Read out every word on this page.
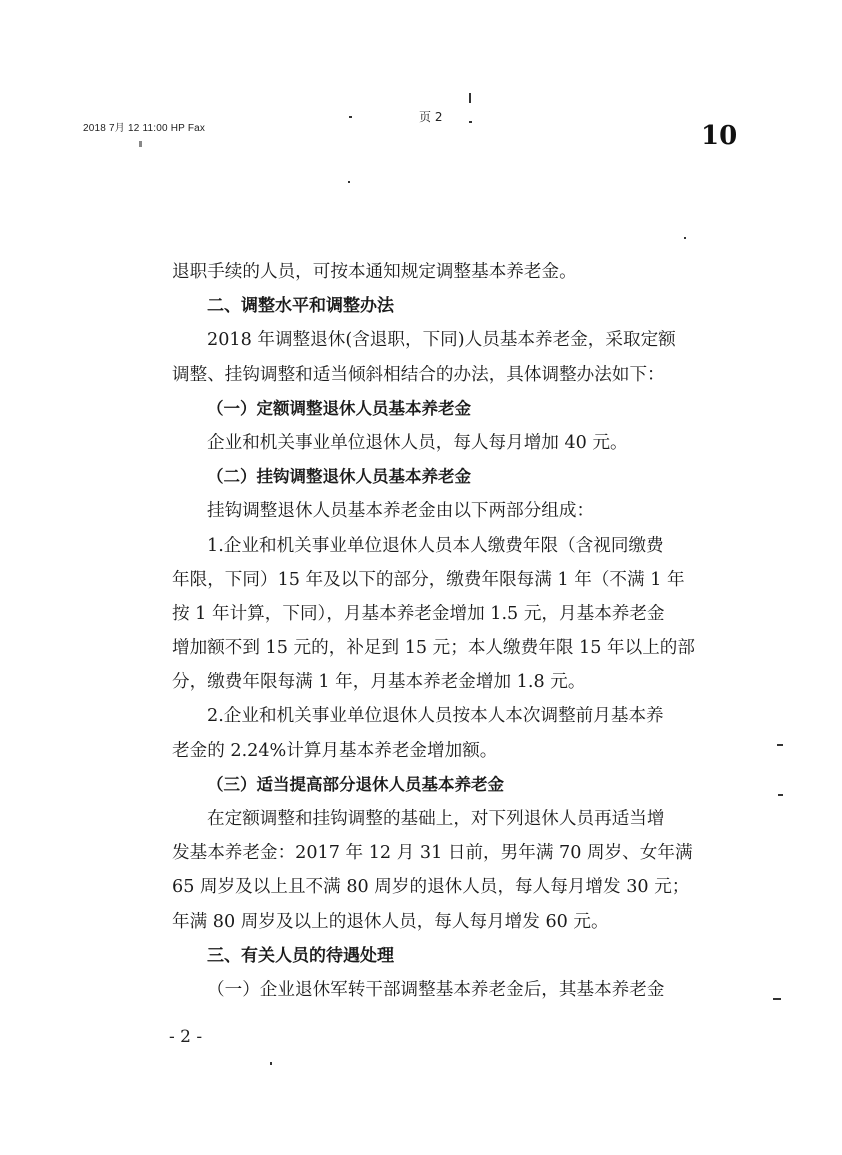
2018 7月 12 11:00 HP Fax
页 2
10
退职手续的人员，可按本通知规定调整基本养老金。
二、调整水平和调整办法
2018 年调整退休(含退职，下同)人员基本养老金，采取定额
调整、挂钩调整和适当倾斜相结合的办法，具体调整办法如下：
（一）定额调整退休人员基本养老金
企业和机关事业单位退休人员，每人每月增加 40 元。
（二）挂钩调整退休人员基本养老金
挂钩调整退休人员基本养老金由以下两部分组成：
1.企业和机关事业单位退休人员本人缴费年限（含视同缴费
年限，下同）15 年及以下的部分，缴费年限每满 1 年（不满 1 年
按 1 年计算，下同），月基本养老金增加 1.5 元，月基本养老金
增加额不到 15 元的，补足到 15 元；本人缴费年限 15 年以上的部
分，缴费年限每满 1 年，月基本养老金增加 1.8 元。
2.企业和机关事业单位退休人员按本人本次调整前月基本养
老金的 2.24%计算月基本养老金增加额。
（三）适当提高部分退休人员基本养老金
在定额调整和挂钩调整的基础上，对下列退休人员再适当增
发基本养老金：2017 年 12 月 31 日前，男年满 70 周岁、女年满
65 周岁及以上且不满 80 周岁的退休人员，每人每月增发 30 元；
年满 80 周岁及以上的退休人员，每人每月增发 60 元。
三、有关人员的待遇处理
（一）企业退休军转干部调整基本养老金后，其基本养老金
- 2 -
